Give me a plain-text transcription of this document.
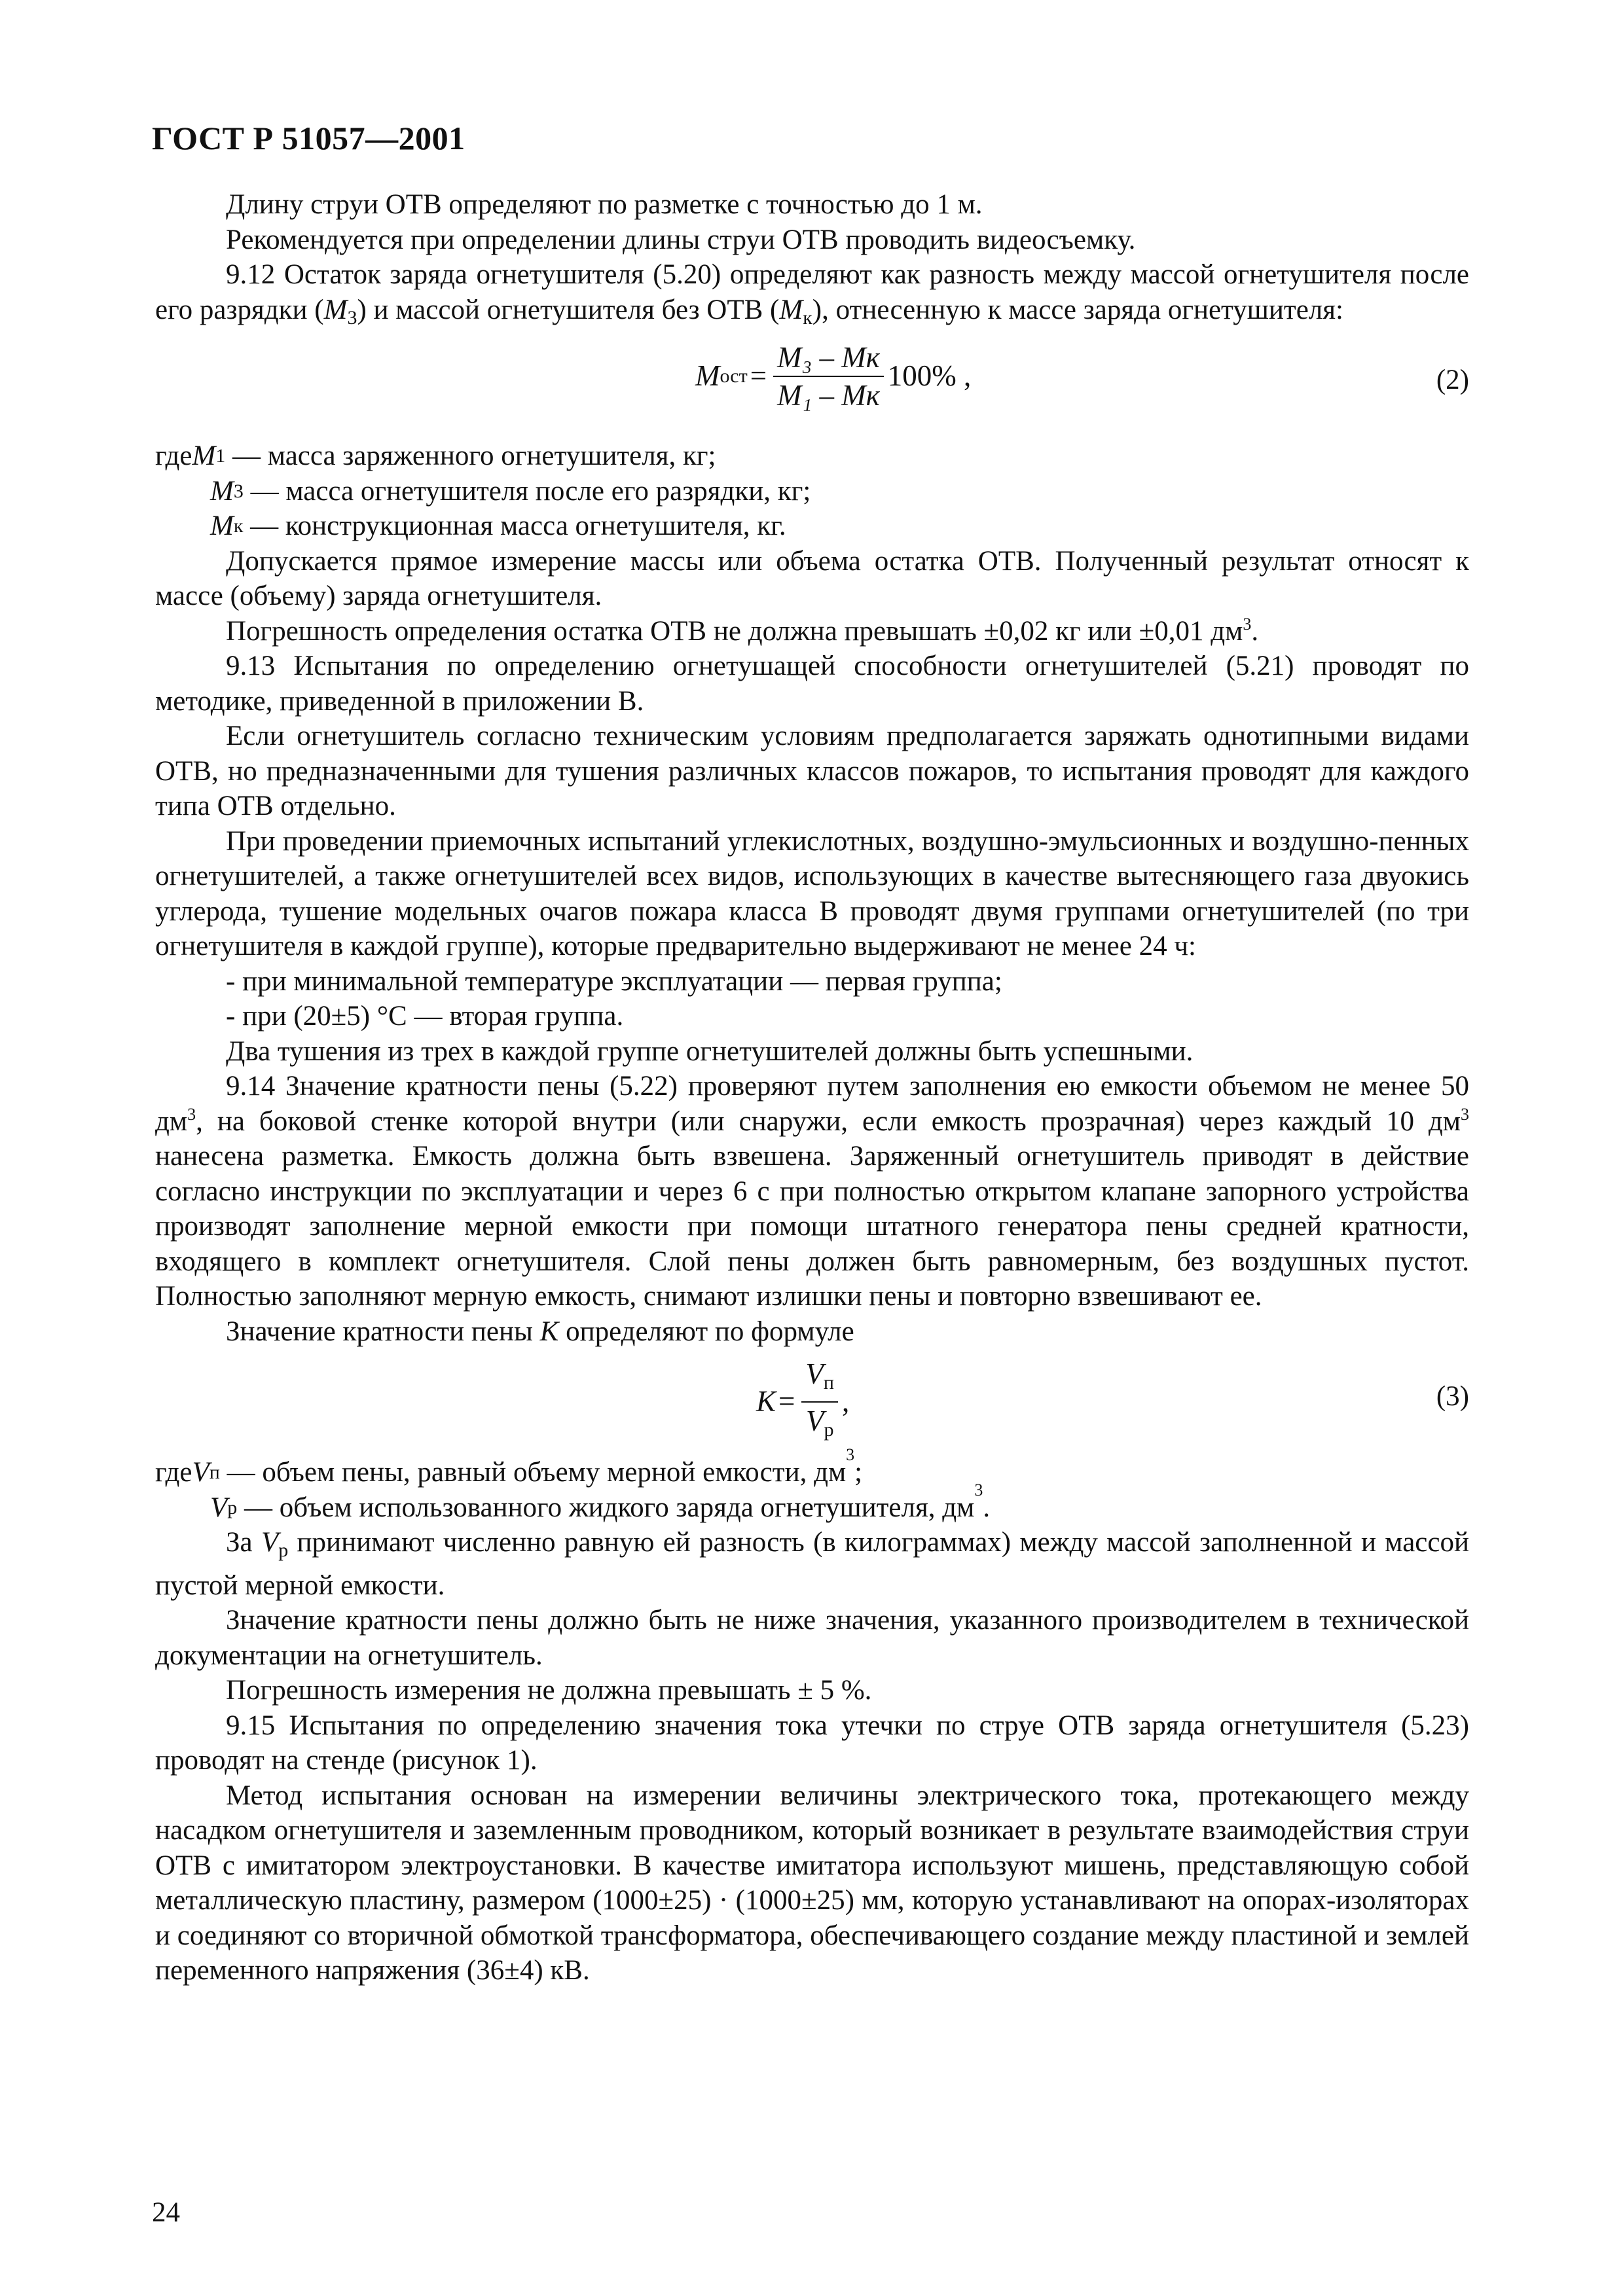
ГОСТ Р 51057—2001

Длину струи ОТВ определяют по разметке с точностью до 1 м.

Рекомендуется при определении длины струи ОТВ проводить видеосъемку.

9.12 Остаток заряда огнетушителя (5.20) определяют как разность между массой огнетушителя после его разрядки $(M_3)$ и массой огнетушителя без ОТВ $(M_к)$, отнесенную к массе заряда огнетушителя:

M ост = $\frac{\text{M₃ – Mк}}{\text{M₁ – Mк}} 100\%$ ,	(2)
где M 1 — масса заряженного огнетушителя, кг;
M 3 — масса огнетушителя после его разрядки, кг;
M к — конструкционная масса огнетушителя, кг.

Допускается прямое измерение массы или объема остатка ОТВ. Полученный результат относят к массе (объему) заряда огнетушителя.

Погрешность определения остатка ОТВ не должна превышать ±0,02 кг или ±0,01 $дм^3$.

9.13 Испытания по определению огнетушащей способности огнетушителей (5.21) проводят по методике, приведенной в приложении В.

Если огнетушитель согласно техническим условиям предполагается заряжать однотипными видами ОТВ, но предназначенными для тушения различных классов пожаров, то испытания проводят для каждого типа ОТВ отдельно.

При проведении приемочных испытаний углекислотных, воздушно-эмульсионных и воздушно-пенных огнетушителей, а также огнетушителей всех видов, использующих в качестве вытесняющего газа двуокись углерода, тушение модельных очагов пожара класса В проводят двумя группами огнетушителей (по три огнетушителя в каждой группе), которые предварительно выдерживают не менее 24 ч:

- при минимальной температуре эксплуатации — первая группа;

- при (20±5) °С — вторая группа.

Два тушения из трех в каждой группе огнетушителей должны быть успешными.

9.14 Значение кратности пены (5.22) проверяют путем заполнения ею емкости объемом не менее 50 $дм^3$, на боковой стенке которой внутри (или снаружи, если емкость прозрачная) через каждый 10 $дм^3$ нанесена разметка. Емкость должна быть взвешена. Заряженный огнетушитель приводят в действие согласно инструкции по эксплуатации и через 6 с при полностью открытом клапане запорного устройства производят заполнение мерной емкости при помощи штатного генератора пены средней кратности, входящего в комплект огнетушителя. Слой пены должен быть равномерным, без воздушных пустот. Полностью заполняют мерную емкость, снимают излишки пены и повторно взвешивают ее.

Значение кратности пены K определяют по формуле

$K = \frac{V_п}{V_р}$ ,	(3)
где V п — объем пены, равный объему мерной емкости, дм
3
;
V р — объем использованного жидкого заряда огнетушителя, дм
3
.

За $V_р$ принимают численно равную ей разность (в килограммах) между массой заполненной и массой пустой мерной емкости.

Значение кратности пены должно быть не ниже значения, указанного производителем в технической документации на огнетушитель.

Погрешность измерения не должна превышать ± 5 %.

9.15 Испытания по определению значения тока утечки по струе ОТВ заряда огнетушителя (5.23) проводят на стенде (рисунок 1).

Метод испытания основан на измерении величины электрического тока, протекающего между насадком огнетушителя и заземленным проводником, который возникает в результате взаимодействия струи ОТВ с имитатором электроустановки. В качестве имитатора используют мишень, представляющую собой металлическую пластину, размером (1000±25) · (1000±25) мм, которую устанавливают на опорах-изоляторах и соединяют со вторичной обмоткой трансформатора, обеспечивающего создание между пластиной и землей переменного напряжения (36±4) кВ.

24
